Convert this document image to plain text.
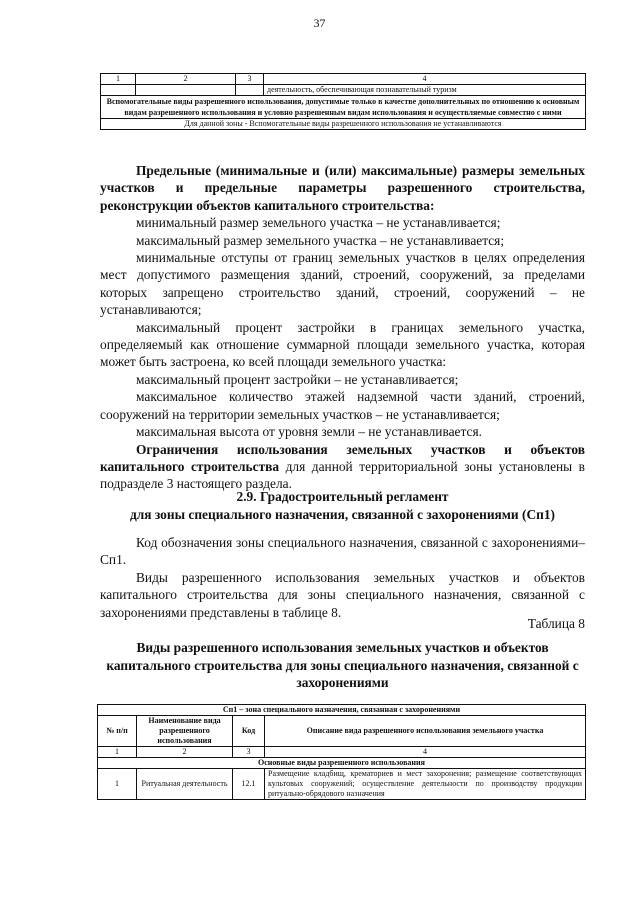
37
1	2	3	4
			деятельность, обеспечивающая познавательный туризм
Вспомогательные виды разрешенного использования, допустимые только в качестве дополнительных по отношению к основным видам разрешенного использования и условно разрешенным видам использования и осуществляемые совместно с ними			
Для данной зоны - Вспомогательные виды разрешенного использования не устанавливаются			

Предельные (минимальные и (или) максимальные) размеры земельных участков и предельные параметры разрешенного строительства, реконструкции объектов капитального строительства:

минимальный размер земельного участка – не устанавливается;

максимальный размер земельного участка – не устанавливается;

минимальные отступы от границ земельных участков в целях определения мест допустимого размещения зданий, строений, сооружений, за пределами которых запрещено строительство зданий, строений, сооружений – не устанавливаются;

максимальный процент застройки в границах земельного участка, определяемый как отношение суммарной площади земельного участка, которая может быть застроена, ко всей площади земельного участка:

максимальный процент застройки – не устанавливается;

максимальное количество этажей надземной части зданий, строений, сооружений на территории земельных участков – не устанавливается;

максимальная высота от уровня земли – не устанавливается.

Ограничения использования земельных участков и объектов капитального строительства для данной территориальной зоны установлены в подразделе 3 настоящего раздела.

2.9. Градостроительный регламент
для зоны специального назначения, связанной с захоронениями (Сп1)

Код обозначения зоны специального назначения, связанной с захоронениями– Сп1.

Виды разрешенного использования земельных участков и объектов капитального строительства для зоны специального назначения, связанной с захоронениями представлены в таблице 8.

Таблица 8
Виды разрешенного использования земельных участков и объектов капитального строительства для зоны специального назначения, связанной с захоронениями
Сп1 – зона специального назначения, связанная с захоронениями			
№ п/п	Наименование вида разрешенного использования	Код	Описание вида разрешенного использования земельного участка
1	2	3	4
Основные виды разрешенного использования			
1	Ритуальная деятельность	12.1	Размещение кладбищ, крематориев и мест захоронения; размещение соответствующих культовых сооружений; осуществление деятельности по производству продукции ритуально-обрядового назначения
